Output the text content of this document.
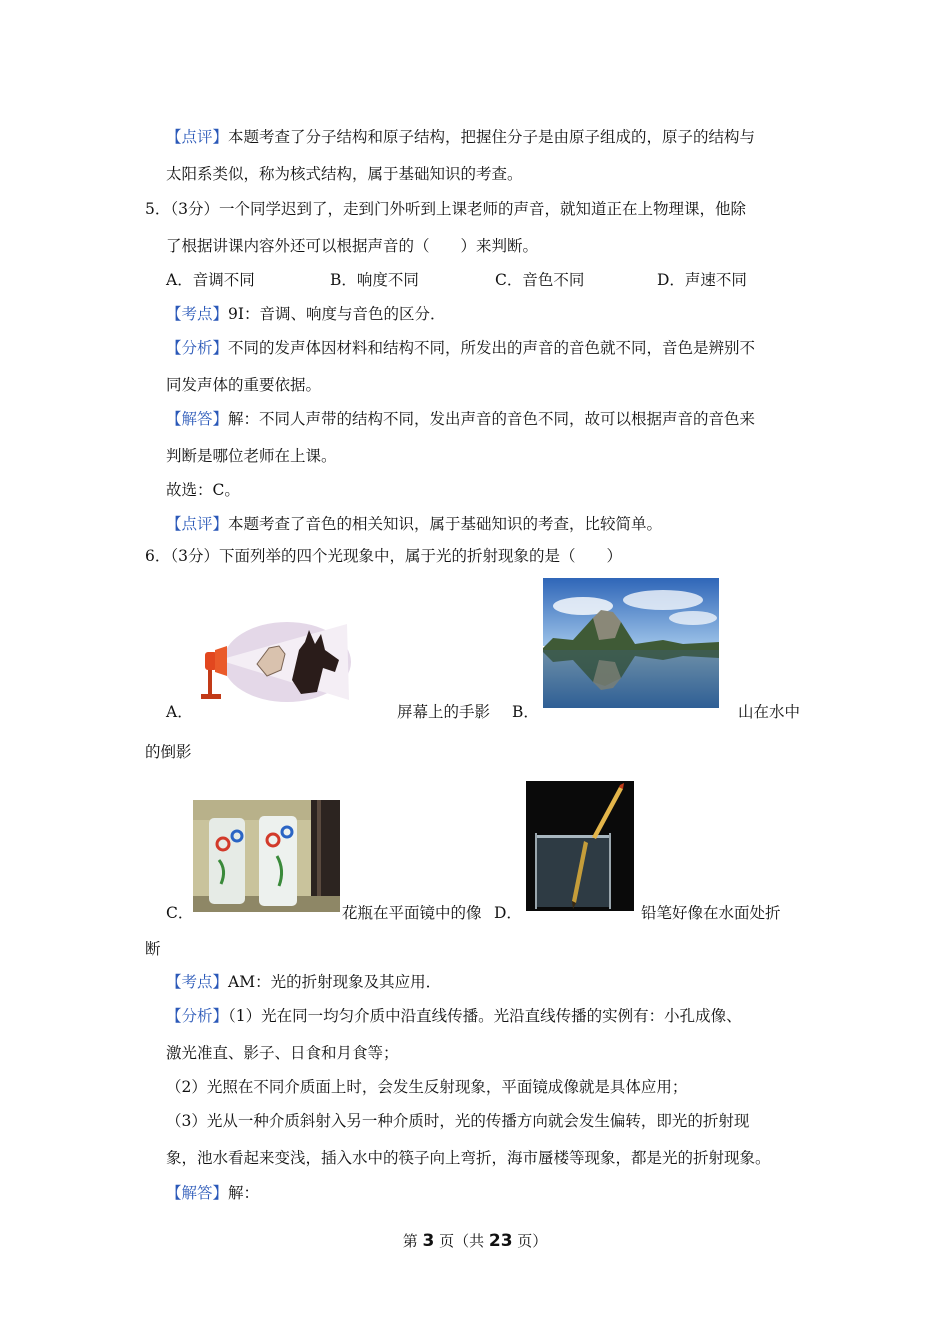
【点评】本题考查了分子结构和原子结构，把握住分子是由原子组成的，原子的结构与
太阳系类似，称为核式结构，属于基础知识的考查。
5．（3分）一个同学迟到了，走到门外听到上课老师的声音，就知道正在上物理课，他除
了根据讲课内容外还可以根据声音的（　　）来判断。
A．音调不同	B．响度不同	C．音色不同	D．声速不同
【考点】9I：音调、响度与音色的区分．
【分析】不同的发声体因材料和结构不同，所发出的声音的音色就不同，音色是辨别不
同发声体的重要依据。
【解答】解：不同人声带的结构不同，发出声音的音色不同，故可以根据声音的音色来
判断是哪位老师在上课。
故选：C。
【点评】本题考查了音色的相关知识，属于基础知识的考查，比较简单。
6．（3分）下面列举的四个光现象中，属于光的折射现象的是（　　）
A．	屏幕上的手影 B．	山在水中
的倒影
C．	花瓶在平面镜中的像 D．	铅笔好像在水面处折
断
【考点】AM：光的折射现象及其应用．
【分析】（1）光在同一均匀介质中沿直线传播。光沿直线传播的实例有：小孔成像、
激光准直、影子、日食和月食等；
（2）光照在不同介质面上时，会发生反射现象，平面镜成像就是具体应用；
（3）光从一种介质斜射入另一种介质时，光的传播方向就会发生偏转，即光的折射现
象，池水看起来变浅，插入水中的筷子向上弯折，海市蜃楼等现象，都是光的折射现象。
【解答】解：
第 3 页（共 23 页）
